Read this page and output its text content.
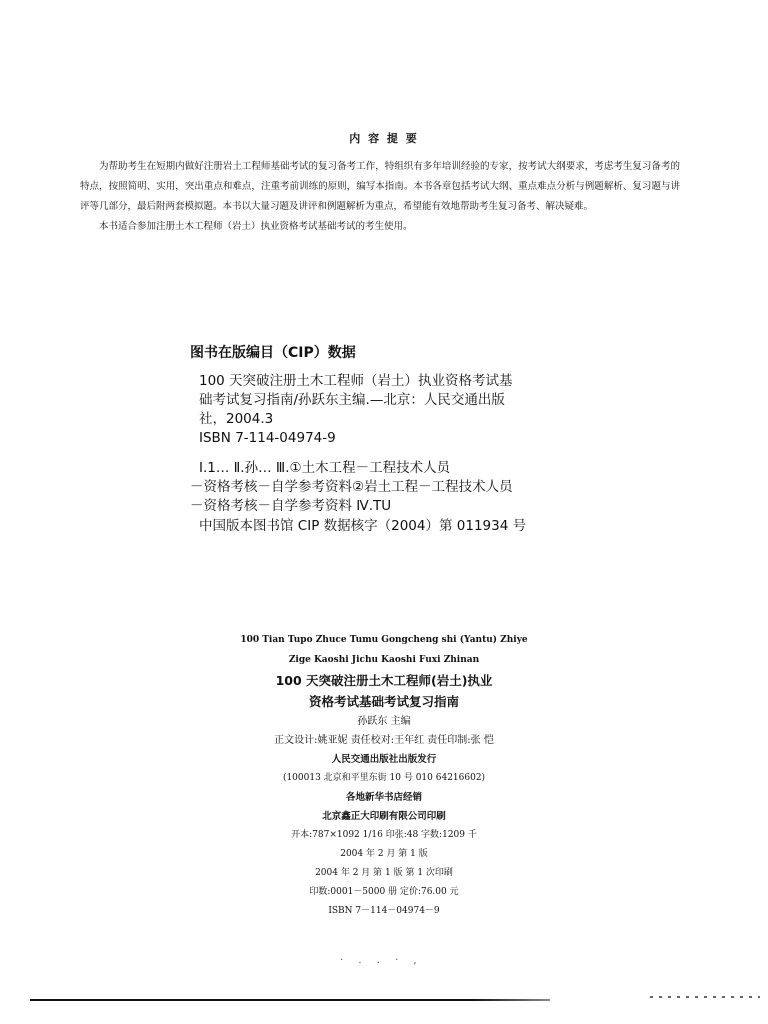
内 容 提 要

为帮助考生在短期内做好注册岩土工程师基础考试的复习备考工作，特组织有多年培训经验的专家，按考试大纲要求，考虑考生复习备考的特点，按照简明、实用，突出重点和难点，注重考前训练的原则，编写本指南。本书各章包括考试大纲、重点难点分析与例题解析、复习题与讲评等几部分，最后附两套模拟题。本书以大量习题及讲评和例题解析为重点，希望能有效地帮助考生复习备考、解决疑难。

本书适合参加注册土木工程师（岩土）执业资格考试基础考试的考生使用。

图书在版编目（CIP）数据
100 天突破注册土木工程师（岩土）执业资格考试基
础考试复习指南/孙跃东主编.—北京：人民交通出版
社，2004.3
ISBN 7-114-04974-9
Ⅰ.1… Ⅱ.孙… Ⅲ.①土木工程－工程技术人员
－资格考核－自学参考资料②岩土工程－工程技术人员
－资格考核－自学参考资料 Ⅳ.TU
中国版本图书馆 CIP 数据核字（2004）第 011934 号
100 Tian Tupo Zhuce Tumu Gongcheng shi (Yantu) Zhiye
Zige Kaoshi Jichu Kaoshi Fuxi Zhinan
100 天突破注册土木工程师(岩土)执业
资格考试基础考试复习指南
孙跃东 主编
正文设计:姚亚妮 责任校对:王年红 责任印制:张 恺
人民交通出版社出版发行
(100013 北京和平里东街 10 号 010 64216602)
各地新华书店经销
北京鑫正大印刷有限公司印刷
开本:787×1092 1/16 印张:48 字数:1209 千
2004 年 2 月 第 1 版
2004 年 2 月 第 1 版 第 1 次印刷
印数:0001－5000 册 定价:76.00 元
ISBN 7－114－04974－9
· . . · ,
